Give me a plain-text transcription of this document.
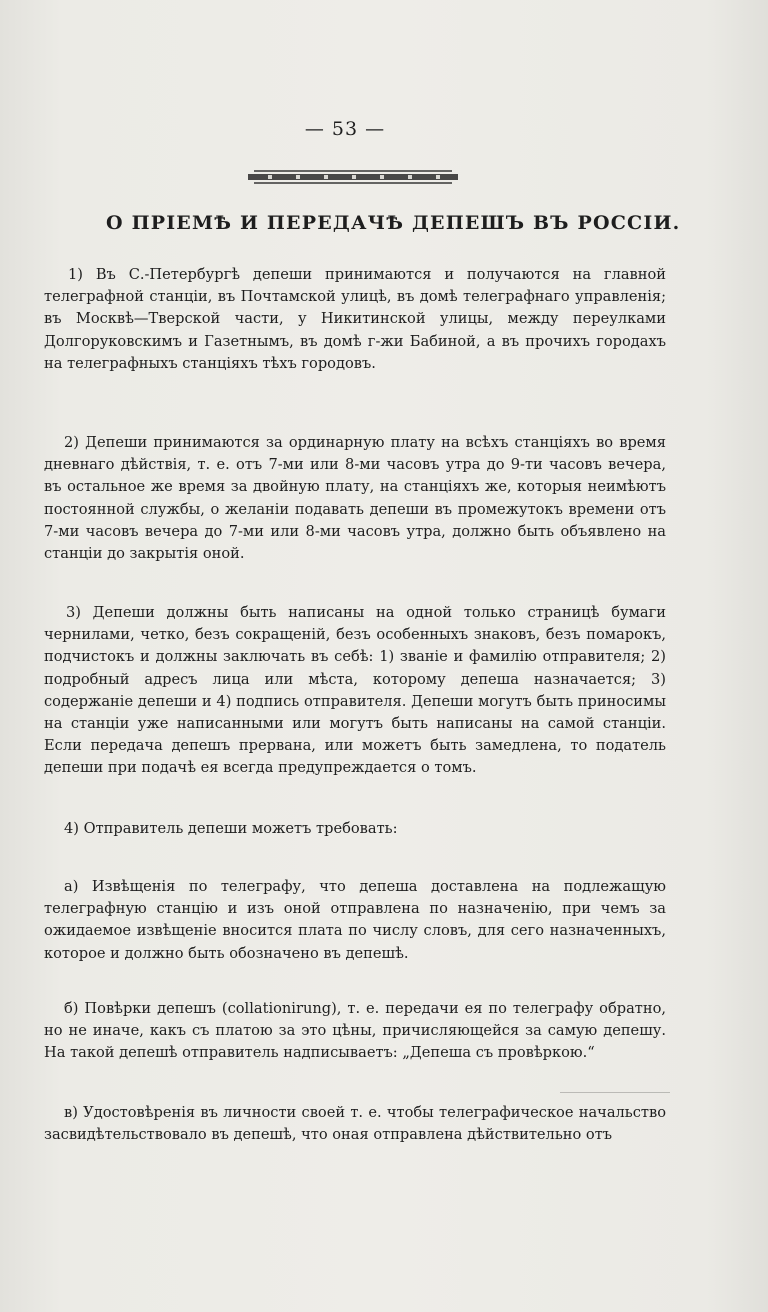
— 53 —
О ПРІЕМѢ И ПЕРЕДАЧѢ ДЕПЕШЪ ВЪ РОССІИ.

1) Въ С.-Петербургѣ депеши принимаются и получаются на главной телеграфной станціи, въ Почтамской улицѣ, въ домѣ телеграфнаго управленія; въ Москвѣ—Тверской части, у Никитинской улицы, между переулками Долгоруковскимъ и Газетнымъ, въ домѣ г-жи Бабиной, а въ прочихъ городахъ на телеграфныхъ станціяхъ тѣхъ городовъ.

2) Депеши принимаются за ординарную плату на всѣхъ станціяхъ во время дневнаго дѣйствія, т. е. отъ 7-ми или 8-ми часовъ утра до 9-ти часовъ вечера, въ остальное же время за двойную плату, на станціяхъ же, которыя неимѣютъ постоянной службы, о желаніи подавать депеши въ промежутокъ времени отъ 7-ми часовъ вечера до 7-ми или 8-ми часовъ утра, должно быть объявлено на станціи до закрытія оной.

3) Депеши должны быть написаны на одной только страницѣ бумаги чернилами, четко, безъ сокращеній, безъ особенныхъ знаковъ, безъ помарокъ, подчистокъ и должны заключать въ себѣ: 1) званіе и фамилію отправителя; 2) подробный адресъ лица или мѣста, которому депеша назначается; 3) содержаніе депеши и 4) подпись отправителя. Депеши могутъ быть приносимы на станціи уже написанными или могутъ быть написаны на самой станціи. Если передача депешъ прервана, или можетъ быть замедлена, то податель депеши при подачѣ ея всегда предупреждается о томъ.

4) Отправитель депеши можетъ требовать:

а) Извѣщенія по телеграфу, что депеша доставлена на подлежащую телеграфную станцію и изъ оной отправлена по назначенію, при чемъ за ожидаемое извѣщеніе вносится плата по числу словъ, для сего назначенныхъ, которое и должно быть обозначено въ депешѣ.

б) Повѣрки депешъ (collationirung), т. е. передачи ея по телеграфу обратно, но не иначе, какъ съ платою за это цѣны, причисляющейся за самую депешу. На такой депешѣ отправитель надписываетъ: „Депеша съ провѣркою.“

в) Удостовѣренія въ личности своей т. е. чтобы телеграфическое начальство засвидѣтельствовало въ депешѣ, что оная отправлена дѣйствительно отъ
